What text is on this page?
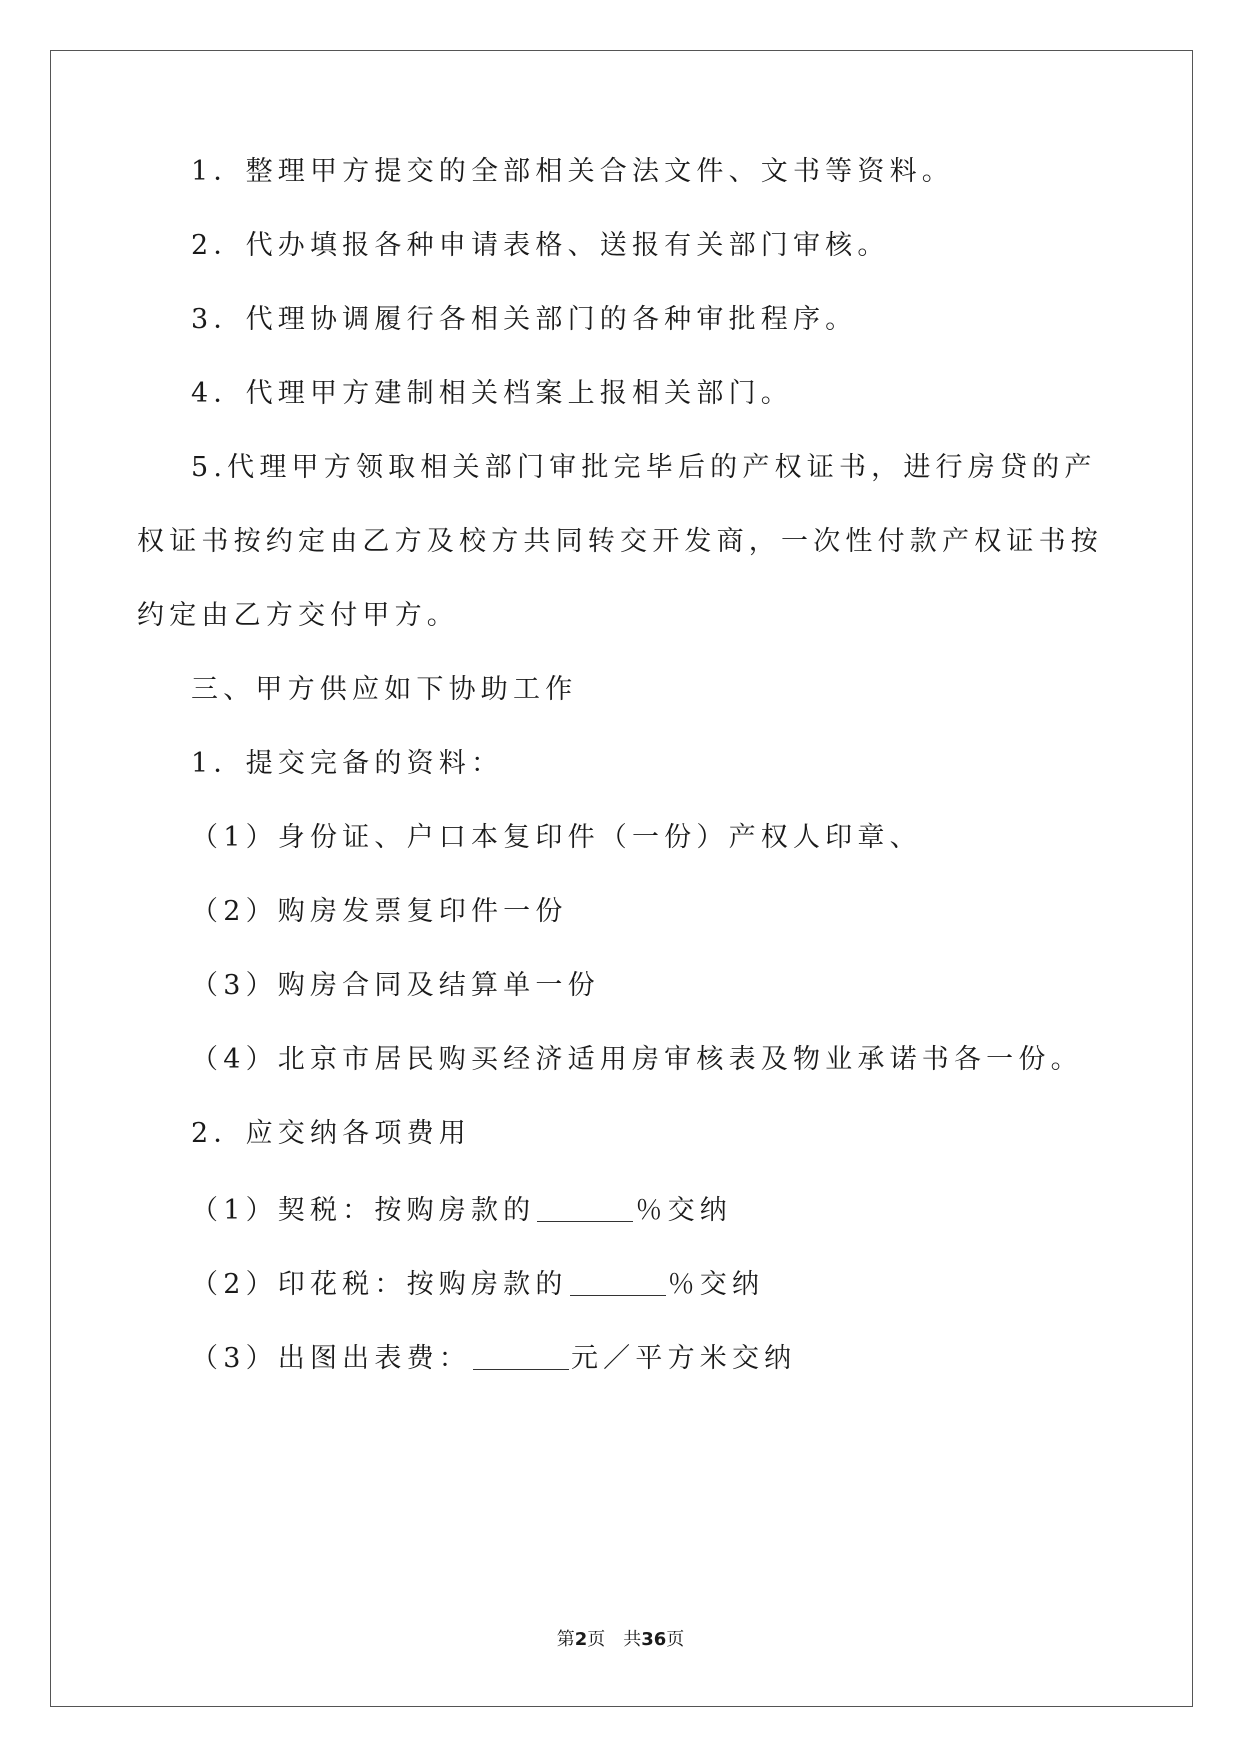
1．整理甲方提交的全部相关合法文件、文书等资料。
2．代办填报各种申请表格、送报有关部门审核。
3．代理协调履行各相关部门的各种审批程序。
4．代理甲方建制相关档案上报相关部门。
5.代理甲方领取相关部门审批完毕后的产权证书，进行房贷的产
权证书按约定由乙方及校方共同转交开发商，一次性付款产权证书按
约定由乙方交付甲方。
三、甲方供应如下协助工作
1．提交完备的资料：
（1）身份证、户口本复印件（一份）产权人印章、
（2）购房发票复印件一份
（3）购房合同及结算单一份
（4）北京市居民购买经济适用房审核表及物业承诺书各一份。
2．应交纳各项费用
（1）契税：按购房款的	％交纳
（2）印花税：按购房款的	％交纳
（3）出图出表费：	元／平方米交纳
第2页　共36页
